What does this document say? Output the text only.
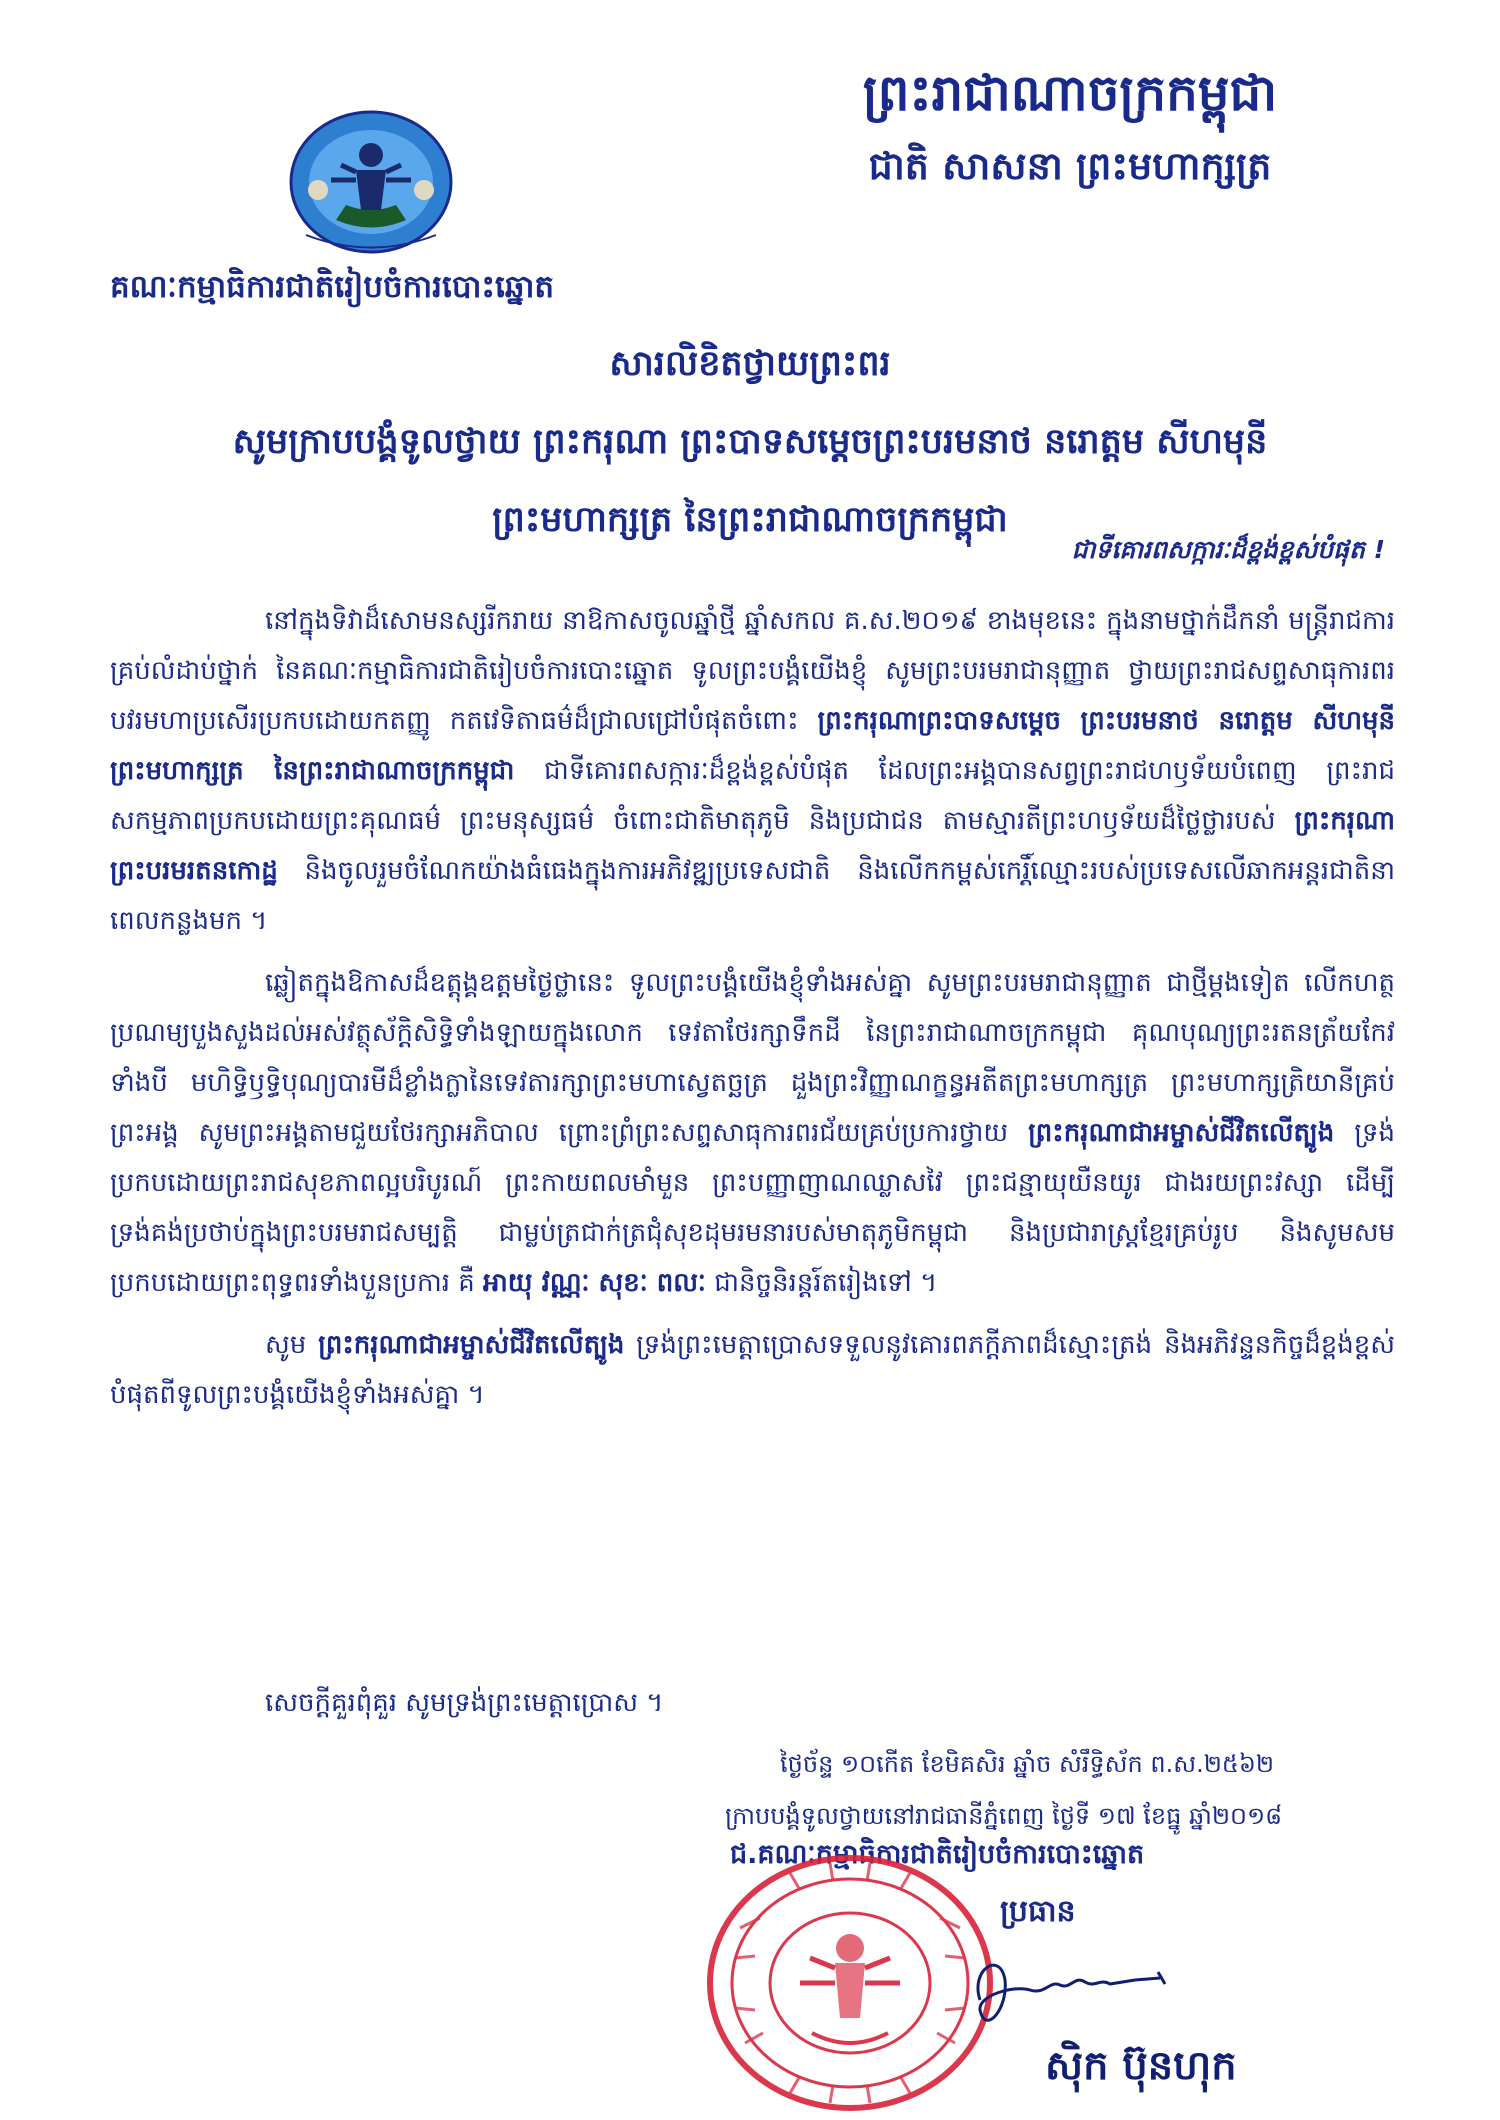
ព្រះរាជាណាចក្រកម្ពុជា
ជាតិ សាសនា ព្រះមហាក្សត្រ
គណៈកម្មាធិការជាតិរៀបចំការបោះឆ្នោត
សារលិខិតថ្វាយព្រះពរ
សូមក្រាបបង្គំទូលថ្វាយ ព្រះករុណា ព្រះបាទសម្តេចព្រះបរមនាថ នរោត្តម សីហមុនី
ព្រះមហាក្សត្រ នៃព្រះរាជាណាចក្រកម្ពុជា
ជាទីគោរពសក្ការៈដ៏ខ្ពង់ខ្ពស់បំផុត !

នៅក្នុងទិវាដ៏សោមនស្សរីករាយ នាឱកាសចូលឆ្នាំថ្មី ឆ្នាំសកល គ.ស.២០១៩ ខាងមុខនេះ ក្នុងនាមថ្នាក់ដឹកនាំ មន្ត្រីរាជការគ្រប់លំដាប់ថ្នាក់ នៃគណៈកម្មាធិការជាតិរៀបចំការបោះឆ្នោត ទូលព្រះបង្គំយើងខ្ញុំ សូមព្រះបរមរាជានុញ្ញាត ថ្វាយព្រះរាជសព្ទសាធុការពរ បវរមហាប្រសើរប្រកបដោយកតញ្ញូ កតវេទិតាធម៌ដ៏ជ្រាលជ្រៅបំផុតចំពោះ ព្រះករុណាព្រះបាទសម្តេច ព្រះបរមនាថ នរោត្តម សីហមុនី ព្រះមហាក្សត្រ នៃព្រះរាជាណាចក្រកម្ពុជា ជាទីគោរពសក្ការៈដ៏ខ្ពង់ខ្ពស់បំផុត ដែលព្រះអង្គបានសព្វព្រះរាជហឫទ័យបំពេញ ព្រះរាជសកម្មភាពប្រកបដោយព្រះគុណធម៌ ព្រះមនុស្សធម៌ ចំពោះជាតិមាតុភូមិ និងប្រជាជន តាមស្មារតីព្រះហឫទ័យដ៏ថ្លៃថ្លារបស់ ព្រះករុណា ព្រះបរមរតនកោដ្ឋ និងចូលរួមចំណែកយ៉ាងធំធេងក្នុងការអភិវឌ្ឍប្រទេសជាតិ និងលើកកម្ពស់កេរ្តិ៍ឈ្មោះរបស់ប្រទេសលើឆាកអន្តរជាតិនាពេលកន្លងមក ។

ឆ្លៀតក្នុងឱកាសដ៏ឧត្តុង្គឧត្តមថ្ងៃថ្លានេះ ទូលព្រះបង្គំយើងខ្ញុំទាំងអស់គ្នា សូមព្រះបរមរាជានុញ្ញាត ជាថ្មីម្តងទៀត លើកហត្ថប្រណម្យបួងសួងដល់អស់វត្ថុស័ក្តិសិទ្ធិទាំងឡាយក្នុងលោក ទេវតាថែរក្សាទឹកដី នៃព្រះរាជាណាចក្រកម្ពុជា គុណបុណ្យព្រះរតនត្រ័យកែវទាំងបី មហិទ្ធិឫទ្ធិបុណ្យបារមីដ៏ខ្លាំងក្លានៃទេវតារក្សាព្រះមហាស្វេតច្ឆត្រ ដួងព្រះវិញ្ញាណក្ខន្ធអតីតព្រះមហាក្សត្រ ព្រះមហាក្សត្រិយានីគ្រប់ព្រះអង្គ សូមព្រះអង្គតាមជួយថែរក្សាអភិបាល ព្រោះព្រំព្រះសព្ទសាធុការពរជ័យគ្រប់ប្រការថ្វាយ ព្រះករុណាជាអម្ចាស់ជីវិតលើត្បូង ទ្រង់ប្រកបដោយព្រះរាជសុខភាពល្អបរិបូរណ៍ ព្រះកាយពលមាំមួន ព្រះបញ្ញាញាណឈ្លាសវៃ ព្រះជន្មាយុយឺនយូរ ជាងរយព្រះវស្សា ដើម្បីទ្រង់គង់ប្រថាប់ក្នុងព្រះបរមរាជសម្បត្តិ ជាម្លប់ត្រជាក់ត្រជុំសុខដុមរមនារបស់មាតុភូមិកម្ពុជា និងប្រជារាស្ត្រខ្មែរគ្រប់រូប និងសូមសមប្រកបដោយព្រះពុទ្ធពរទាំងបួនប្រការ គឺ អាយុ វណ្ណៈ សុខៈ ពលៈ ជានិច្ចនិរន្តរ៍តរៀងទៅ ។

សូម ព្រះករុណាជាអម្ចាស់ជីវិតលើត្បូង ទ្រង់ព្រះមេត្តាប្រោសទទួលនូវគោរពភក្តីភាពដ៏ស្មោះត្រង់ និងអភិវន្ទនកិច្ចដ៏ខ្ពង់ខ្ពស់បំផុតពីទូលព្រះបង្គំយើងខ្ញុំទាំងអស់គ្នា ។

សេចក្តីគួរពុំគួរ សូមទ្រង់ព្រះមេត្តាប្រោស ។
ថ្ងៃច័ន្ទ ១០កើត ខែមិគសិរ ឆ្នាំច សំរឹទ្ធិស័ក ព.ស.២៥៦២
ក្រាបបង្គំទូលថ្វាយនៅរាជធានីភ្នំពេញ ថ្ងៃទី ១៧ ខែធ្នូ ឆ្នាំ២០១៨
ជ.គណៈកម្មាធិការជាតិរៀបចំការបោះឆ្នោត
ប្រធាន
ស៊ិក ប៊ុនហុក
